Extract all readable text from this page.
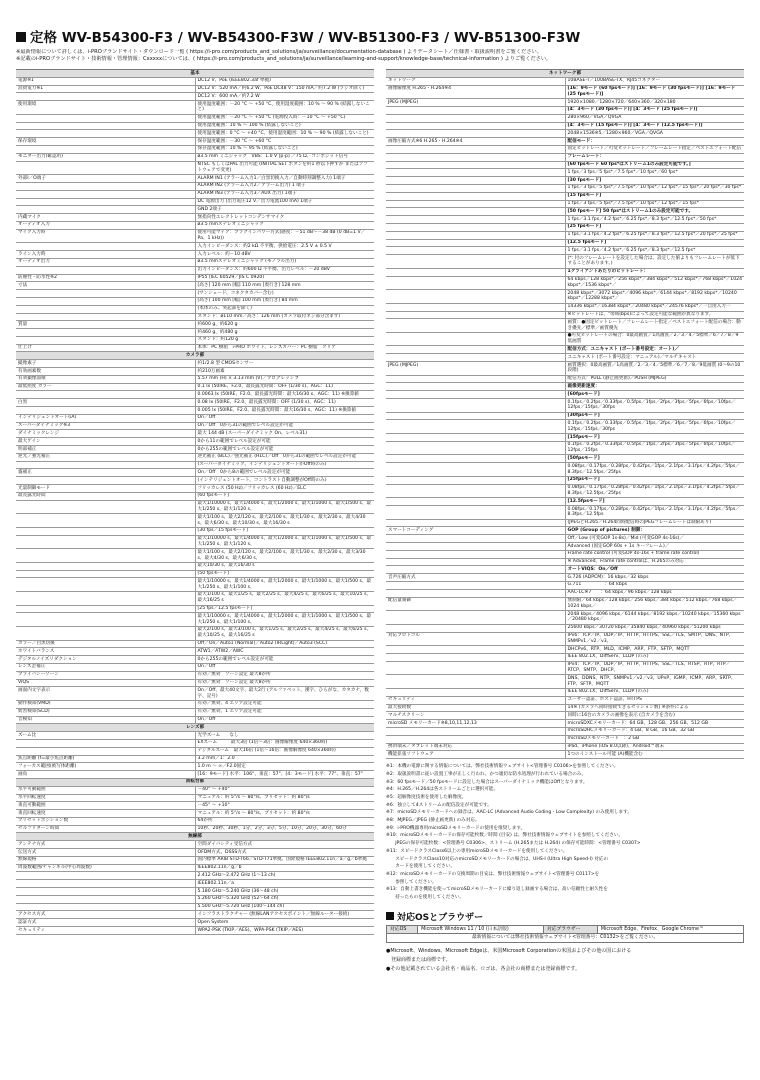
定格 WV-B54300-F3 / WV-B54300-F3W / WV-B51300-F3 / WV-B51300-F3W
※最新情報について詳しくは、i-PROブランドサイト・ダウンロード一覧 ( https://i-pro.com/products_and_solutions/ja/surveillance/documentation-database ) よりデータシート／仕様書・取扱説明書をご覧ください。
※記載のi-PROブランドサイト・技術情報・管理情報：Cxxxxxについては、( https://i-pro.com/products_and_solutions/ja/surveillance/learning-and-support/knowledge-base/technical-information ) よりご覧ください。
基本	
電源※1	DC12 V、PoE (IEEE802.3af 準拠)
消費電力※1	DC12 V：520 mA／約6.2 W、PoE DC48 V：150 mA／約7.2 W (ラジオ除く)
	DC12 V：600 mA／約7.2 W
使用環境	使用温度範囲：－20 °C ～ +50 °C、使用湿度範囲：10 % ～ 90 % (結露しないこと)
	使用温度範囲：－20 °C ～ +50 °C (電源投入時：－10 °C ～ +50 °C)
	使用湿度範囲：10 % ～ 100 % (結露しないこと)
	使用温度範囲：0 °C ～ +40 °C、使用湿度範囲：10 % ～ 90 % (結露しないこと)
保存環境	保存温度範囲：－30 °C ～ +60 °C
	保存湿度範囲：10 % ～ 95 % (結露しないこと)
モニター出力(確認用)	ø3.5 mm ミニジャック　VBS：1.0 V [p-p] ／75 Ω、コンポジット信号
	NTSC もしくはPAL 出力可能 (INITIAL SET ボタンを約1 秒以下押すか またはソフトウェアで変更)
外部I／O端子	ALARM IN1 (アラーム入力1／白黒切換入力／自動時刻調整入力) 1端子
	ALARM IN2 (アラーム入力2／アラーム出力) 1 端子
	ALARM IN3 (アラーム入力3／AUX 出力) 1端子
	DC 電源出力 (出力電圧12 V／出力電流100 mA) 1端子
	GND 2端子
内蔵マイク	無指向性エレクトレットコンデンサマイク
オーディオ入力	ø3.5 mmステレオミニジャック
マイク入力時	使用可能マイク：プラグインパワー方式(感度：－51 dB～－38 dB (0 dB=1 V／Pa、1 kHz))
	入力インピーダンス：約2 kΩ 不平衡、供給電圧：2.5 V ± 0.5 V
ライン入力時	入力レベル：約－10 dBV
オーディオ出力	ø3.5 mmステレオミニジャック (モノラル出力)
	出力インピーダンス：約600 Ω 不平衡、出力レベル：－20 dBV
防塵性・防水性※2	IP55 (IEC 60529／JIS C 0920)
寸法	[高さ] 120 mm [幅] 110 mm [奥行き] 128 mm
	(サンシェード、コネクタカバー含む)
	[高さ] 100 mm [幅] 100 mm [奥行き] 84 mm
	(本体のみ、突起部を除く)
	スタンド：ø110 mm／高さ：126 mm (カメラ取付ネジ部分含まず)
質量	約600 g、約620 g
	約460 g、約480 g
	スタンド：約120 g
仕上げ	本体：PC 樹脂　i-PRO ホワイト、レンズカバー：PC 樹脂　クリア
カメラ部	
撮像素子	約1/2.8 型 CMOSセンサー
有効画素数	約210万画素
有効撮像面積	5.57 mm (H) × 3.13 mm (V)／プログレッシブ
最低照度 カラー	0.1 lx (50IRE、F2.0、最長露光時間：OFF (1/30 s)、AGC：11)
	0.0063 lx (50IRE、F2.0、最長露光時間：最大16/30 s、AGC：11) ※換算値
白黒	0.08 lx (50IRE、F2.0、最長露光時間：OFF (1/30 s)、AGC：11)
	0.005 lx (50IRE、F2.0、最長露光時間：最大16/30 s、AGC：11) ※換算値
インテリジェントオート(iA)	On／Off
スーパーダイナミック※3	On／Off　0から31の範囲でレベル設定が可能
ダイナミックレンジ	最大 144 dB (スーパーダイナミック On、レベル31)
最大ゲイン	0から11の範囲でレベル設定が可能
明部補正	0から255の範囲でレベル設定が可能
逆光／強光補正	逆光補正 (BLC)／強光補正 (HLC)／Off　0から31の範囲でレベル設定が可能
	(スーパーダイナミック、インテリジェントオートがOff時のみ)
霧補正	On／Off　0から8の範囲でレベル設定が可能
	(インテリジェントオート、コントラスト自動調整がOff時のみ)
光量制御モード	フリッカレス (50 Hz)／フリッカレス (60 Hz)／ELC
最長露光時間	[60 fpsモード]
	最大1/10000 s、最大1/4000 s、最大1/2000 s、最大1/1000 s、最大1/500 s、最大1/250 s、最大1/120 s、
	最大1/100 s、最大2/120 s、最大2/100 s、最大1/30 s、最大2/30 s、最大4/30 s、最大6/30 s、最大10/30 s、最大16/30 s
	[30 fps／15 fpsモード]
	最大1/10000 s、最大1/4000 s、最大1/2000 s、最大1/1000 s、最大1/500 s、最大1/250 s、最大1/120 s、
	最大1/100 s、最大2/120 s、最大2/100 s、最大1/30 s、最大2/30 s、最大3/30 s、最大4/30 s、最大6/30 s、
	最大10/30 s、最大16/30 s
	[50 fpsモード]
	最大1/10000 s、最大1/4000 s、最大1/2000 s、最大1/1000 s、最大1/500 s、最大1/250 s、最大1/100 s、
	最大1/100 s、最大1/25 s、最大2/25 s、最大4/25 s、最大6/25 s、最大10/25 s、最大16/25 s
	[25 fps／12.5 fpsモード]
	最大1/10000 s、最大1/4000 s、最大1/2000 s、最大1/1000 s、最大1/500 s、最大1/250 s、最大1/100 s、
	最大2/100 s、最大3/100 s、最大1/25 s、最大2/25 s、最大4/25 s、最大6/25 s、最大10/25 s、最大16/25 s
カラー／白黒切換	Off／On／Auto1 (Normal)／Auto2 (IRLight)／Auto3 (SCC)
ホワイトバランス	ATW1／ATW2／AWC
デジタルノイズリダクション	0から255の範囲でレベル設定が可能
レンズ歪補正	On／Off
プライバシーゾーン	有効／無効　ゾーン設定 最大8か所
VIQS	有効／無効　ゾーン設定 最大8か所
画面内文字表示	On／Off、最大40文字、最大2行 (アルファベット、漢字、ひらがな、カタカナ、数字、記号)
動作検知(VMD)	有効／無効、4 エリア設定可能
妨害検知(SCD)	有効／無効、1 エリア設定可能
音検知	On／Off
レンズ部	
ズーム比	光学ズーム　　なし
	EXズーム　　　最大3倍 (1倍～3倍：画像解像度 640×360時)
	デジタルズーム　最大16倍 (1倍～16倍：画像解像度 640×360時)
焦点距離 (f=最小焦点距離)	3.2 mm／1：2.0
フォーカス範囲(被写体距離)	1.0 m ～ ∞／F2.0固定
画角	[16：9モード] 水平：106°、垂直：57°、[4：3モード] 水平：77°、垂直：57°
回転台部	
水平可動範囲	－40° ～ +40°
水平回転速度	マニュアル：約 5°/s ～ 80°/s、プリセット：約 80°/s
垂直可動範囲	－45° ～ +10°
垂直回転速度	マニュアル：約 5°/s ～ 80°/s、プリセット：約 80°/s
プリセットポジション数	64か所
セルフリターン時間	10秒、20秒、30秒、1分、2分、3分、5分、10分、20分、30分、60分
無線部	
アンテナ方式	空間ダイバシティ受信方式
伝送方式	OFDM方式、DSSS方式
無線規格	国内標準 ARIB STD-T66／STD-T71準拠、国際規格 IEEE802.11n／a／g／b準拠
周波数範囲/チャンネル(中心周波数)	IEEE802.11n／g／b
	2.412 GHz～2.472 GHz (1～13 ch)
	IEEE802.11n／a
	5.180 GHz～5.240 GHz (36～48 ch)
	5.260 GHz～5.320 GHz (52～64 ch)
	5.500 GHz～5.720 GHz (100～144 ch)
アクセス方式	インフラストラクチャー (無線LANアクセスポイント／無線ルーター接続)
認証方式	Open System
セキュリティ	WPA2-PSK (TKIP／AES)、WPA-PSK (TKIP／AES)
ネットワーク部	
ネットワーク	10BASE-T／100BASE-TX、RJ45コネクター
画像解像度 H.265・H.264※4	[16：9モード (60 fpsモード)] [16：9モード (30 fpsモード)] [16：9モード (25 fpsモード)]
JPEG (MJPEG)	1920×1080／1280×720／640×360／320×180
	[4：3モード (30 fpsモード)] [4：3モード (25 fpsモード)]
	280×960／VGA／QVGA
	[4：3モード (15 fpsモード)] [4：3モード (12.5 fpsモード)]
	2048×1536※5／1280×960／VGA／QVGA
画像圧縮方式※6 H.265・H.264※4	配信モード：
	固定ビットレート／可変ビットレート／フレームレート指定／ベストエフォート配信
	フレームレート：
	[60 fpsモード 60 fps*はストリーム1のみ設定可能です。]
	1 fps／3 fps／5 fps*／7.5 fps*／10 fps*／60 fps*
	[30 fpsモード]
	1 fps／3 fps／5 fps*／7.5 fps*／10 fps*／12 fps*／15 fps*／20 fps*／30 fps*
	[15 fpsモード]
	1 fps／3 fps／5 fps*／7.5 fps*／10 fps*／12 fps*／15 fps*
	[50 fpsモード] 50 fps*はストリーム1のみ設定可能です。
	1 fps／3.1 fps／4.2 fps*／6.25 fps*／8.3 fps*／12.5 fps*／50 fps*
	[25 fpsモード]
	1 fps／3.1 fps／4.2 fps*／6.25 fps*／8.3 fps*／12.5 fps*／20 fps*／25 fps*
	[12.5 fpsモード]
	1 fps／3.1 fps／4.2 fps*／6.25 fps*／8.3 fps*／12.5 fps*
	(*: 付のフレームレートを設定した場合は、設定した値よりもフレームレートが低下することがあります。)
	1クライアントあたりのビットレート：
	64 kbps／128 kbps*／256 kbps*／384 kbps*／512 kbps*／768 kbps*／1024 kbps*／1536 kbps*／
	2048 kbps*／3072 kbps*／4096 kbps*／6144 kbps*／8192 kbps*／10240 kbps*／12288 kbps*／
	14336 kbps*／16384 kbps*／20480 kbps*／24576 kbps*／一自由入力一
	※ビットレートは、"帯域(bps)によって設定可能な範囲が異なります。
	画質：●固定ビットレート／フレームレート指定／ベストエフォート配信の場合：動き優先／標準／画質優先
	●可変ビットレートの場合：0最高画質／1高画質／2／3／4／5標準／6／7／8／9低画質
	配信方式：ユニキャスト (ポート番号設定：オート)／
	ユニキャスト (ポート番号設定：マニュアル)／マルチキャスト
JPEG (MJPEG)	画質選択：0最高画質／1高画質／2／3／4／5標準／6／7／8／9低画質 (0～9の10段階)
	配信方式：PULL (静止画更新)／PUSH (MJPEG)
	画像更新速度：
	[60fpsモード]
	0.1fps／0.2fps／0.33fps／0.5fps／1fps／2fps／3fps／5fps／6fps／10fps／12fps／15fps／30fps
	[30fpsモード]
	0.1fps／0.2fps／0.33fps／0.5fps／1fps／2fps／3fps／5fps／6fps／10fps／12fps／15fps／30fps
	[15fpsモード]
	0.1fps／0.2fps／0.33fps／0.5fps／1fps／2fps／3fps／5fps／6fps／10fps／12fps／15fps
	[50fpsモード]
	0.08fps／0.17fps／0.28fps／0.42fps／1fps／2.1fps／3.1fps／4.2fps／5fps／8.3fps／12.5fps／25fps
	[25fpsモード]
	0.08fps／0.17fps／0.28fps／0.42fps／1fps／2.1fps／3.1fps／4.2fps／5fps／8.3fps／12.5fps／25fps
	[12.5fpsモード]
	0.08fps／0.17fps／0.28fps／0.42fps／1fps／2.1fps／3.1fps／4.2fps／5fps／8.3fps／12.5fps
	(JPEGとH.265／H.264同時配信時のJPEGフレームレートは制限あり)
スマートコーディング	GOP (Group of pictures) 制御：
	Off／Low (可変GOP 1s-8s)／Mid (可変GOP 4s-16s)／
	Advanced (固定GOP 60s + 1s キーフレーム)／
	Frame rate control (可変GOP 4s-16s + frame rate control)
	※ Advanced、Frame rate controlは、H.265のみ対応
	オートVIQS：On／Off
音声圧縮方式	G.726 (ADPCM)：16 kbps／32 kbps
	G.711　　　　　：64 kbps
	AAC-LC※7　　：64 kbps／96 kbps／128 kbps
配信量制御	無制限／64 kbps／128 kbps／256 kbps／384 kbps／512 kbps／768 kbps／1024 kbps／
	2048 kbps／4096 kbps／6144 kbps／8192 kbps／10240 kbps／15360 kbps／20480 kbps／
	25600 kbps／30720 kbps／35840 kbps／40960 kbps／51200 kbps
対応プロトコル	IPv6：TCP／IP、UDP／IP、HTTP、HTTPS、SSL／TLS、SMTP、DNS、NTP、SNMPv1／v2／v3、
	DHCPv6、RTP、MLD、ICMP、ARP、FTP、SFTP、MQTT
	IEEE 802.1X、DiffServ、LLDP (のみ)
	IPv4：TCP／IP、UDP／IP、HTTP、HTTPS、SSL／TLS、RTSP、RTP、RTP／RTCP、SMTP、DHCP、
	DNS、DDNS、NTP、SNMPv1／v2／v3、UPnP、IGMP、ICMP、ARP、SRTP、FTP、SFTP、MQTT
	IEEE 802.1X、DiffServ、LLDP (のみ)
セキュリティ	ユーザー認証、ホスト認証、HTTPS
最大接続数	14※ (カメラへ同時接続できるセッション数) ※条件による
マルチスクリーン	同時に16台のカメラの画像を表示 (自カメラを含む)
microSD メモリーカード※8,10,11,12,13	microSDXCメモリーカード：64 GB、128 GB、256 GB、512 GB
	microSDHCメモリーカード：4 GB、8 GB、16 GB、32 GB
	microSDメモリーカード　：2 GB
携帯端末／タブレット端末対応	iPad、iPhone (iOS 8.0以降)、Android™端末
機能拡張ソフトウェア	1つのインストール可能 (A)機能含む
※1：本機の電源に関する情報については、弊社技術情報ウェブサイト<管理番号 C0106>を参照してください。
※2：取扱説明書に従い設置工事が正しく行われ、かつ適切な防水処理が行われている場合のみ。
※3：60 fpsモード／50 fpsモードに設定した場合はスーパーダイナミック機能はOffとなります。
※4：H.265／H.264は各ストリームごとに選択可能。
※5：超解像度技術を使用した解像度。
※6：独立して4ストリームの配信設定が可能です。
※7：microSDメモリーカードへの録音は、AAC-LC (Advanced Audio Coding - Low Complexity) のみ使用します。
※8：MJPEG／JPEG (静止画更新) のみ対応。
※9：i-PRO機器専用microSDメモリーカードの使用を推奨します。
※10：microSDメモリーカードの保存可能枚数／時間 (目安) は、弊社技術情報ウェブサイトを参照してください。
　　JPEGの保存可能枚数：<管理番号 C0306>、ストリーム (H.265または H.264) の保存可能時間：<管理番号 C0307>
※11：スピードクラスClass6以上の専用microSDメモリーカードを使用してください。
　　スピードクラスClass10対応のmicroSDメモリーカードの場合は、UHS-I (Ultra High Speed-I) 対応の
　　カードを使用してください。
※12：microSDメモリーカードの交換周期の目安は、弊社技術情報ウェブサイト<管理番号 C0117>を
　　参照してください。
※13：自動上書き機能を使ってmicroSDメモリーカードに繰り返し録画する場合は、高い信頼性と耐久性を
　　持ったものを使用してください。
対応OSとブラウザー
対応OS	Microsoft Windows 11 / 10 (日本語版)	対応ブラウザー	Microsoft Edge、Firefox、Google Chrome™
最新情報については弊社技術情報ウェブサイト<管理番号：C0132>をご覧ください。
●Microsoft、Windows、Microsoft Edgeは、米国Microsoft Corporationの米国およびその他の国における
　登録商標または商標です。
●その他記載されている会社名・商品名、ロゴは、各会社の商標または登録商標です。
